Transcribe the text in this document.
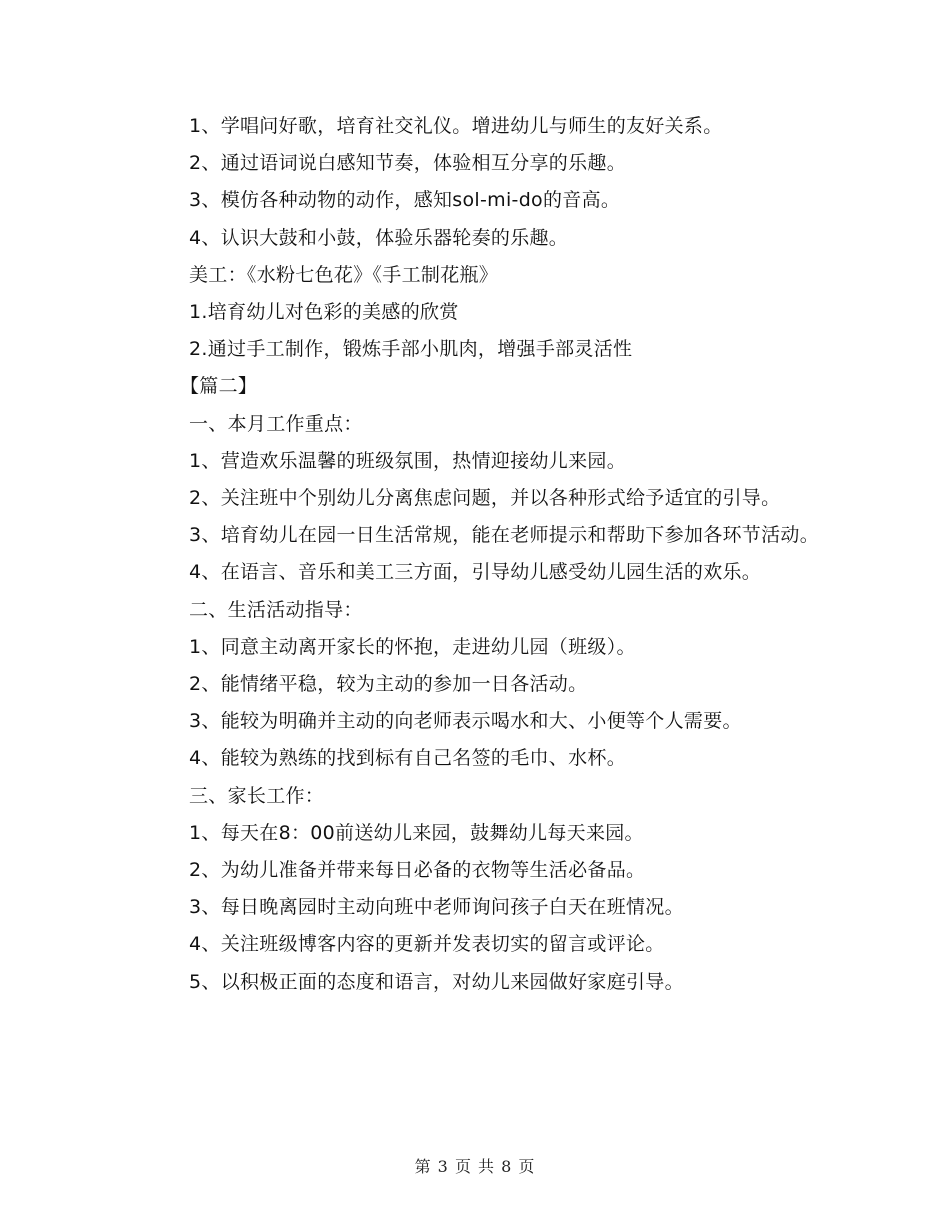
1、学唱问好歌，培育社交礼仪。增进幼儿与师生的友好关系。

2、通过语词说白感知节奏，体验相互分享的乐趣。

3、模仿各种动物的动作，感知sol-mi-do的音高。

4、认识大鼓和小鼓，体验乐器轮奏的乐趣。

美工：《水粉七色花》《手工制花瓶》

1.培育幼儿对色彩的美感的欣赏

2.通过手工制作，锻炼手部小肌肉，增强手部灵活性

【篇二】

一、本月工作重点：

1、营造欢乐温馨的班级氛围，热情迎接幼儿来园。

2、关注班中个别幼儿分离焦虑问题，并以各种形式给予适宜的引导。

3、培育幼儿在园一日生活常规，能在老师提示和帮助下参加各环节活动。

4、在语言、音乐和美工三方面，引导幼儿感受幼儿园生活的欢乐。

二、生活活动指导：

1、同意主动离开家长的怀抱，走进幼儿园（班级）。

2、能情绪平稳，较为主动的参加一日各活动。

3、能较为明确并主动的向老师表示喝水和大、小便等个人需要。

4、能较为熟练的找到标有自己名签的毛巾、水杯。

三、家长工作：

1、每天在8：00前送幼儿来园，鼓舞幼儿每天来园。

2、为幼儿准备并带来每日必备的衣物等生活必备品。

3、每日晚离园时主动向班中老师询问孩子白天在班情况。

4、关注班级博客内容的更新并发表切实的留言或评论。

5、以积极正面的态度和语言，对幼儿来园做好家庭引导。

第 3 页 共 8 页
